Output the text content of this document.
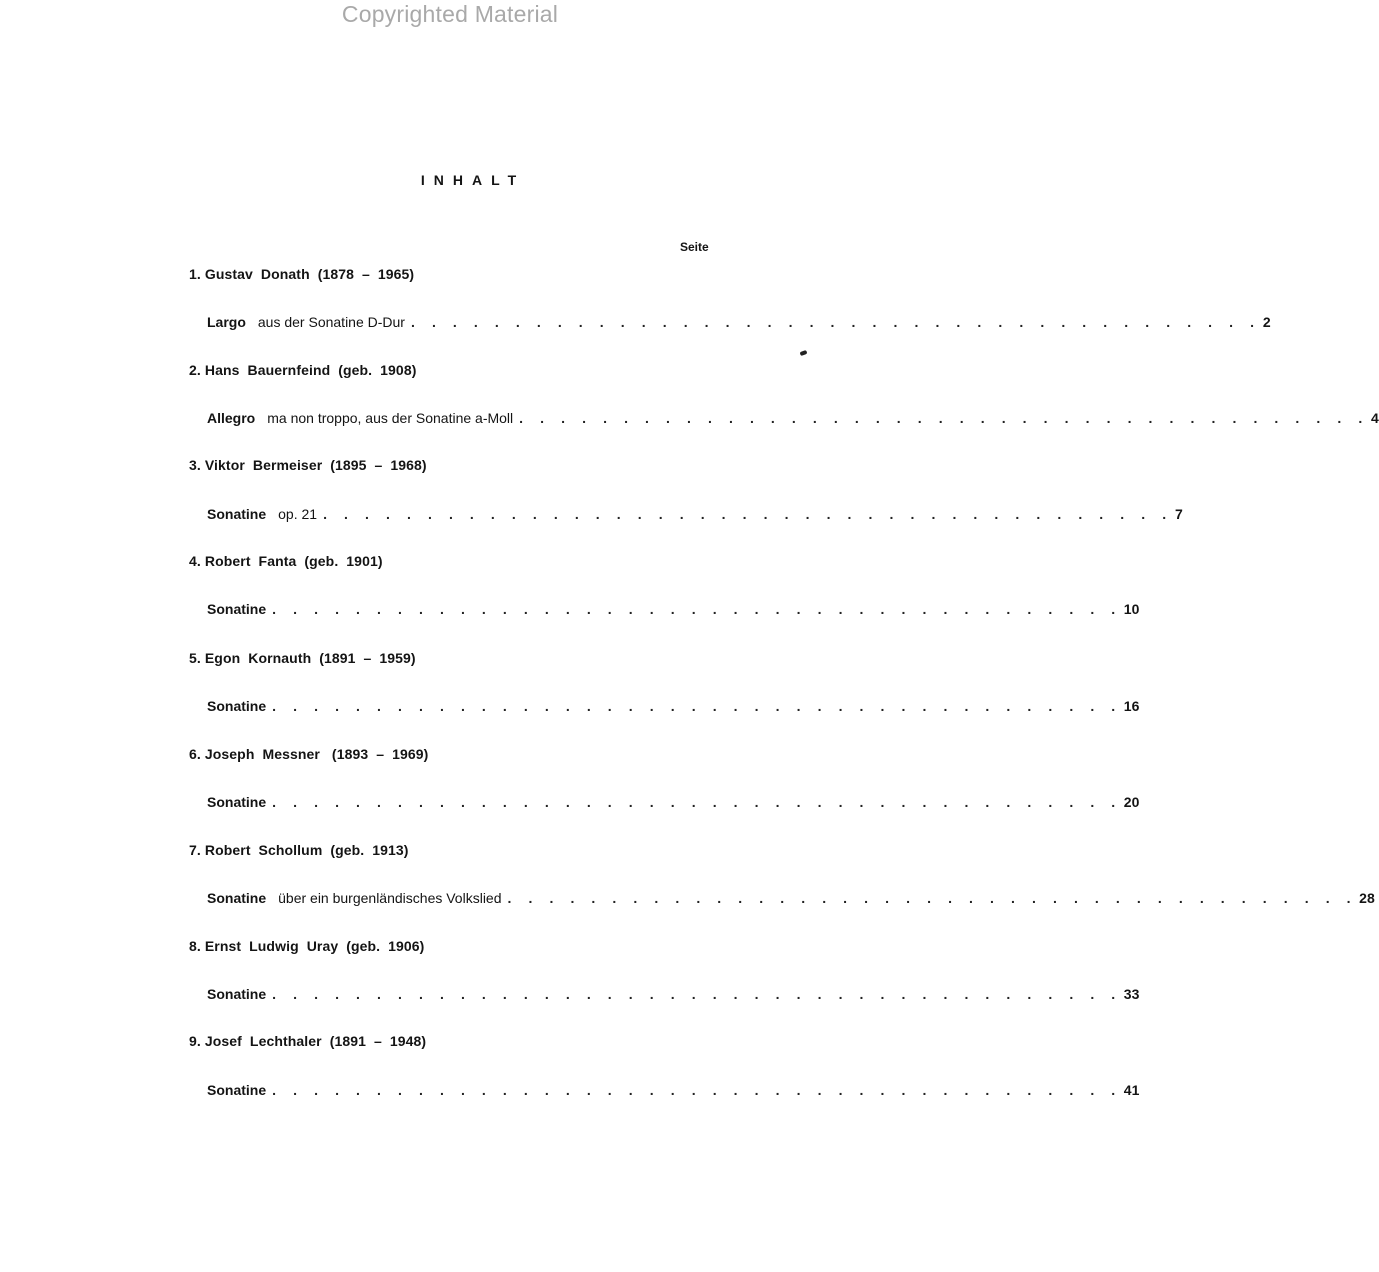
Copyrighted Material
INHALT
Seite
1. Gustav  Donath  (1878  –  1965)
Largo aus der Sonatine D-Dur . . . . . . . . . . . . . . . . . . . . . . . . . . . . . . . . . . . . . . . . . 2
2. Hans  Bauernfeind  (geb.  1908)
Allegro ma non troppo, aus der Sonatine a-Moll . . . . . . . . . . . . . . . . . . . . . . . . . . . . . . . . . . . . . . . . . 4
3. Viktor  Bermeiser  (1895  –  1968)
Sonatine op. 21 . . . . . . . . . . . . . . . . . . . . . . . . . . . . . . . . . . . . . . . . . 7
4. Robert  Fanta  (geb.  1901)
Sonatine . . . . . . . . . . . . . . . . . . . . . . . . . . . . . . . . . . . . . . . . . 10
5. Egon  Kornauth  (1891  –  1959)
Sonatine . . . . . . . . . . . . . . . . . . . . . . . . . . . . . . . . . . . . . . . . . 16
6. Joseph  Messner   (1893  –  1969)
Sonatine . . . . . . . . . . . . . . . . . . . . . . . . . . . . . . . . . . . . . . . . . 20
7. Robert  Schollum  (geb.  1913)
Sonatine über ein burgenländisches Volkslied . . . . . . . . . . . . . . . . . . . . . . . . . . . . . . . . . . . . . . . . . 28
8. Ernst  Ludwig  Uray  (geb.  1906)
Sonatine . . . . . . . . . . . . . . . . . . . . . . . . . . . . . . . . . . . . . . . . . 33
9. Josef  Lechthaler  (1891  –  1948)
Sonatine . . . . . . . . . . . . . . . . . . . . . . . . . . . . . . . . . . . . . . . . . 41
